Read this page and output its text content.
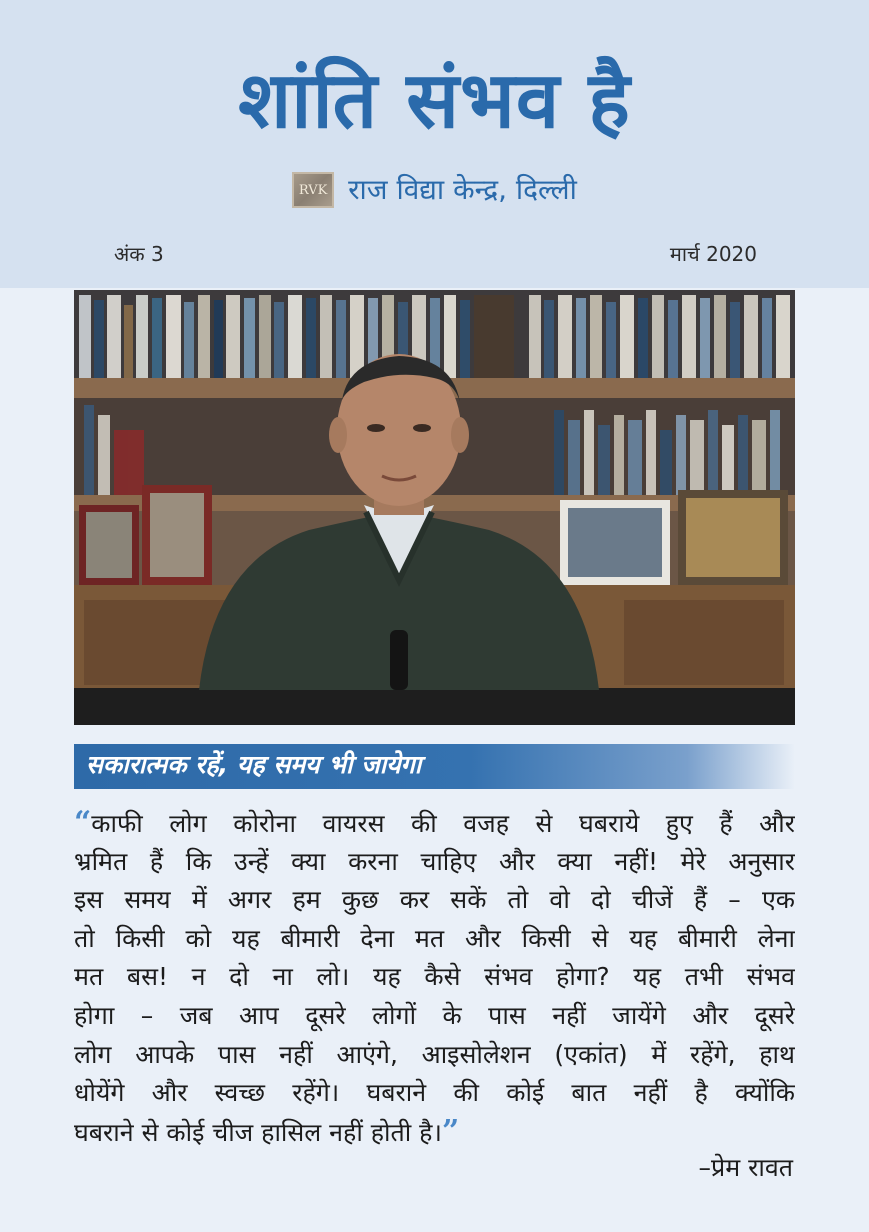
शांति संभव है
RVK राज विद्या केन्द्र, दिल्ली
अंक 3	मार्च 2020
सकारात्मक रहें, यह समय भी जायेगा
“काफी लोग कोरोना वायरस की वजह से घबराये हुए हैं और
भ्रमित हैं कि उन्हें क्या करना चाहिए और क्या नहीं! मेरे अनुसार
इस समय में अगर हम कुछ कर सकें तो वो दो चीजें हैं – एक
तो किसी को यह बीमारी देना मत और किसी से यह बीमारी लेना
मत बस! न दो ना लो। यह कैसे संभव होगा? यह तभी संभव
होगा – जब आप दूसरे लोगों के पास नहीं जायेंगे और दूसरे
लोग आपके पास नहीं आएंगे, आइसोलेशन (एकांत) में रहेंगे, हाथ
धोयेंगे और स्वच्छ रहेंगे। घबराने की कोई बात नहीं है क्योंकि
घबराने से कोई चीज हासिल नहीं होती है।”
–प्रेम रावत
